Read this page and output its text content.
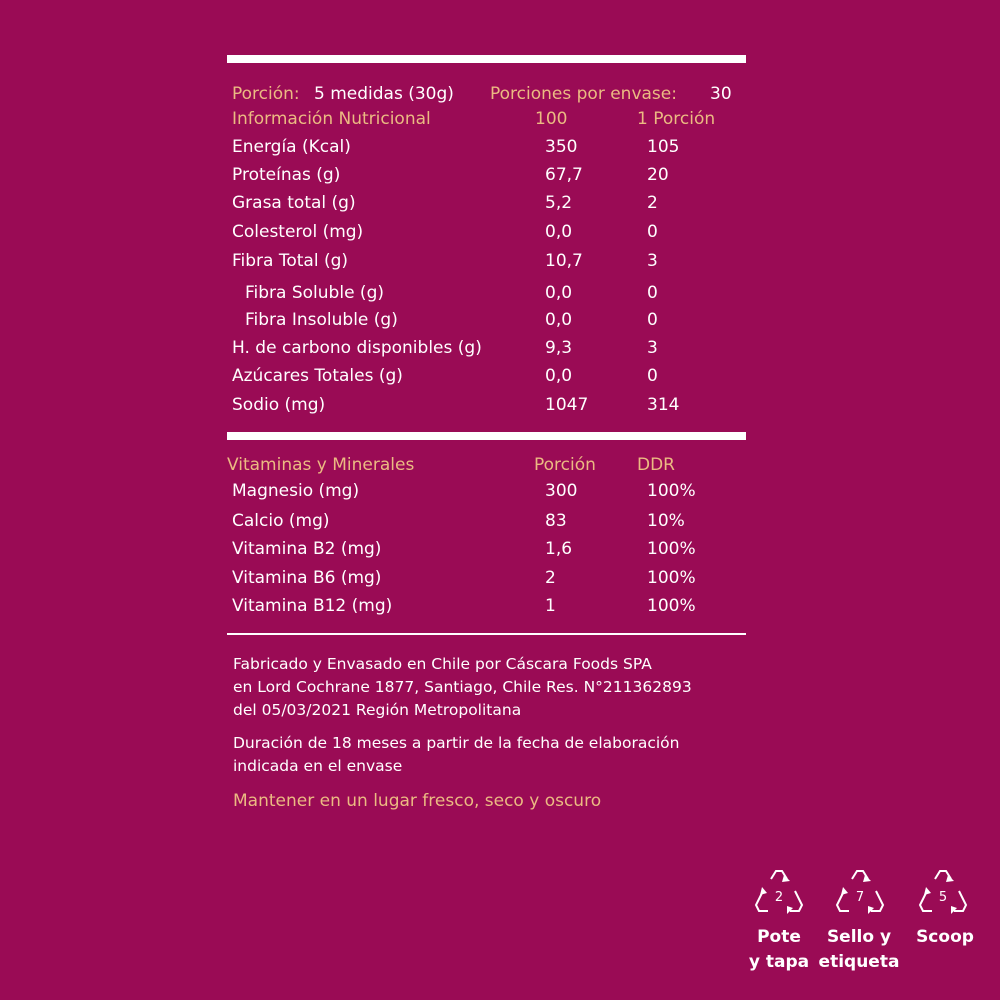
Porción: 5 medidas (30g) Porciones por envase: 30
Información Nutricional	100	1 Porción
Energía (Kcal)	350	105
Proteínas (g)	67,7	20
Grasa total (g)	5,2	2
Colesterol (mg)	0,0	0
Fibra Total (g)	10,7	3
Fibra Soluble (g)	0,0	0
Fibra Insoluble (g)	0,0	0
H. de carbono disponibles (g)	9,3	3
Azúcares Totales (g)	0,0	0
Sodio (mg)	1047	314
Vitaminas y Minerales	Porción DDR
Magnesio (mg)	300	100%
Calcio (mg)	83	10%
Vitamina B2 (mg)	1,6	100%
Vitamina B6 (mg)	2	100%
Vitamina B12 (mg)	1	100%
Fabricado y Envasado en Chile por Cáscara Foods SPA
en Lord Cochrane 1877, Santiago, Chile Res. N°211362893
del 05/03/2021 Región Metropolitana
Duración de 18 meses a partir de la fecha de elaboración
indicada en el envase
Mantener en un lugar fresco, seco y oscuro
2	7	5
Pote
y tapa
Sello y
etiqueta
Scoop
